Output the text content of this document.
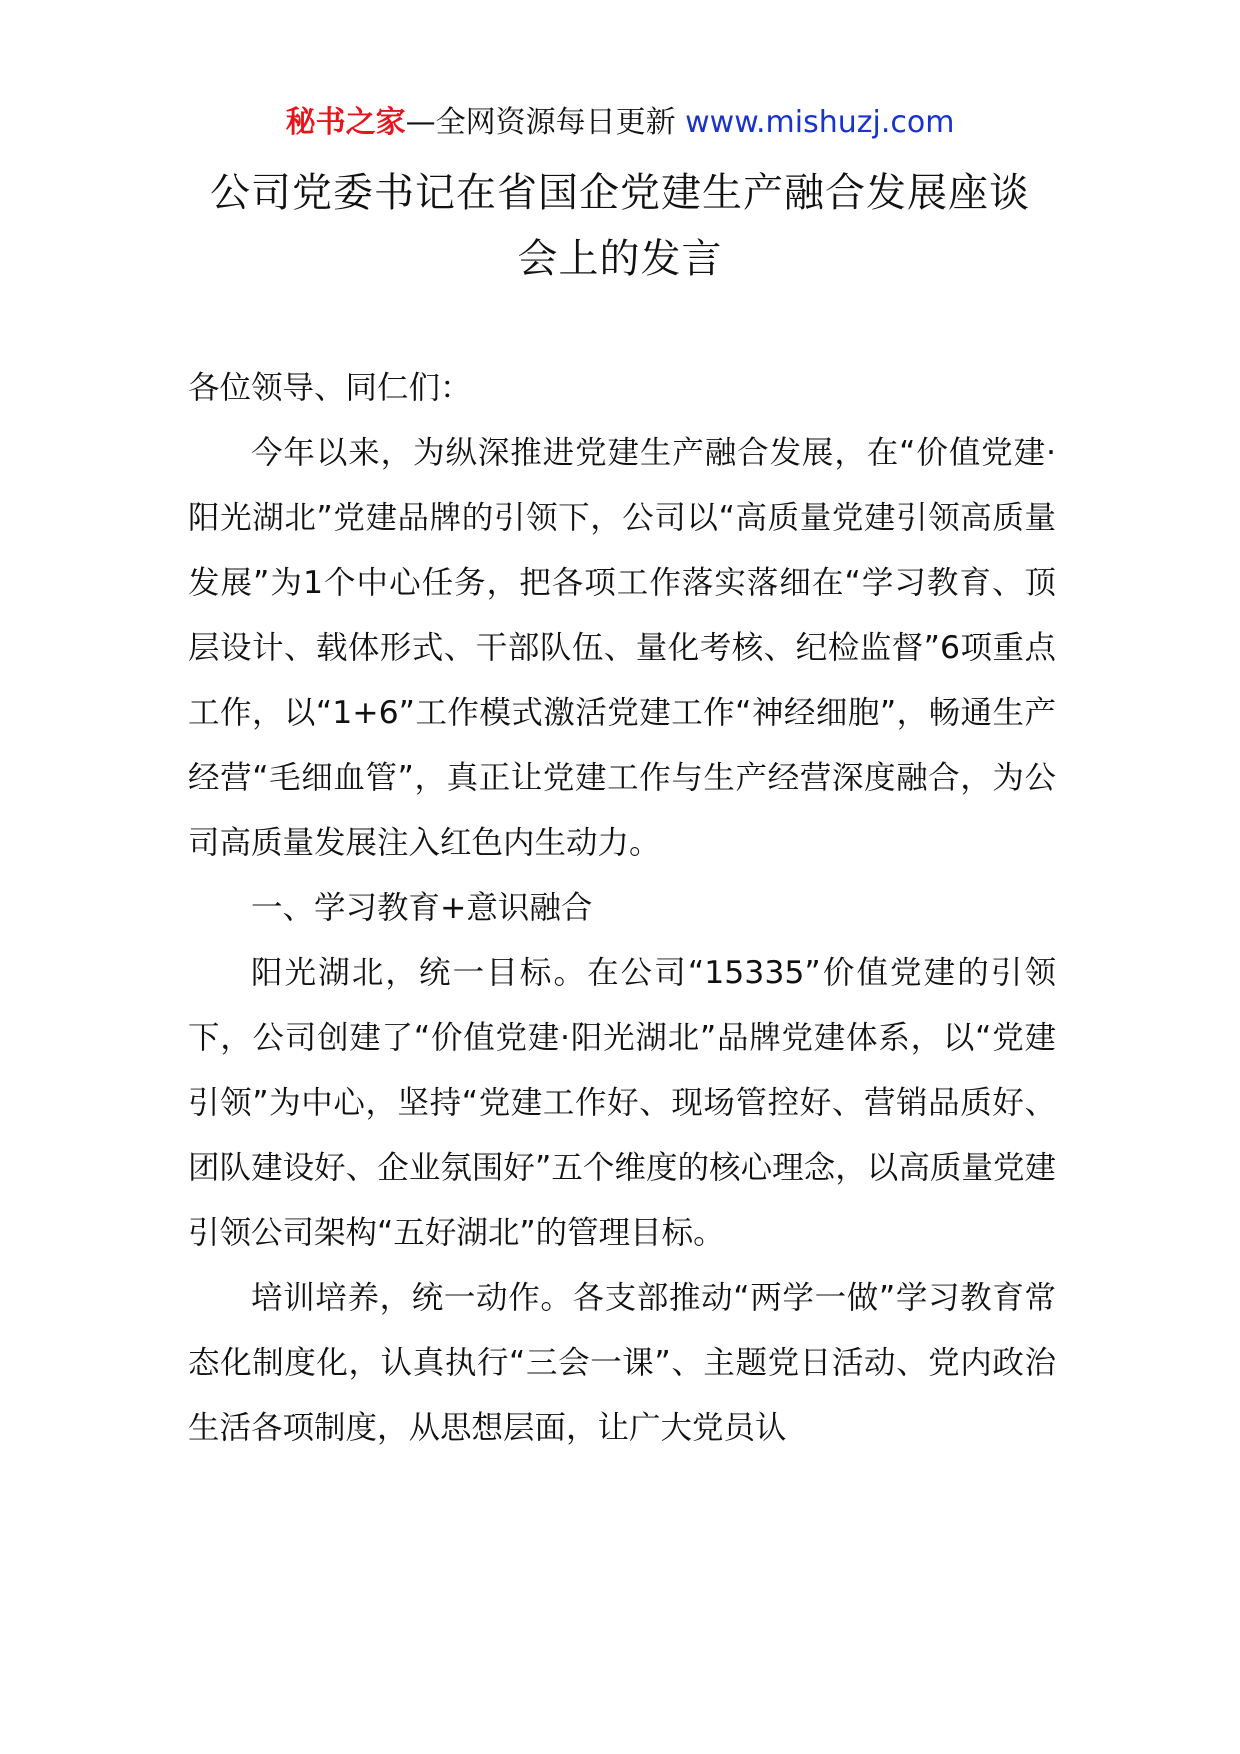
秘书之家—全网资源每日更新 www.mishuzj.com
公司党委书记在省国企党建生产融合发展座谈
会上的发言

各位领导、同仁们：

今年以来，为纵深推进党建生产融合发展，在“价值党建·阳光湖北”党建品牌的引领下，公司以“高质量党建引领高质量发展”为1个中心任务，把各项工作落实落细在“学习教育、顶层设计、载体形式、干部队伍、量化考核、纪检监督”6项重点工作，以“1+6”工作模式激活党建工作“神经细胞”，畅通生产经营“毛细血管”，真正让党建工作与生产经营深度融合，为公司高质量发展注入红色内生动力。

一、学习教育+意识融合

阳光湖北，统一目标。在公司“15335”价值党建的引领下，公司创建了“价值党建·阳光湖北”品牌党建体系，以“党建引领”为中心，坚持“党建工作好、现场管控好、营销品质好、团队建设好、企业氛围好”五个维度的核心理念，以高质量党建引领公司架构“五好湖北”的管理目标。

培训培养，统一动作。各支部推动“两学一做”学习教育常态化制度化，认真执行“三会一课”、主题党日活动、党内政治生活各项制度，从思想层面，让广大党员认
